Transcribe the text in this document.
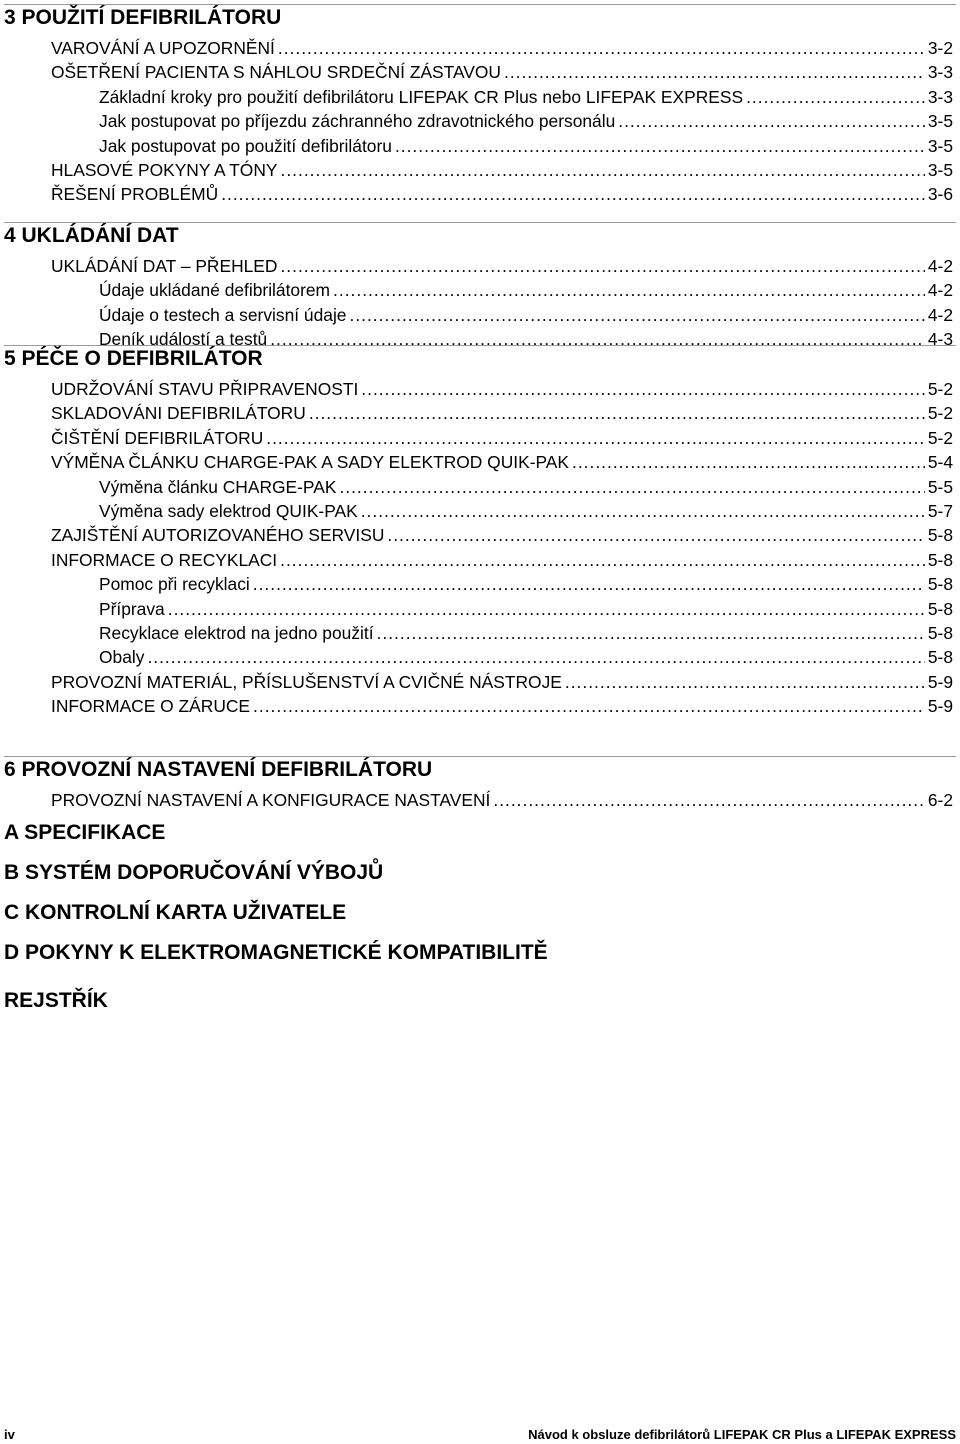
3 POUŽITÍ DEFIBRILÁTORU
VAROVÁNÍ A UPOZORNĚNÍ .....	3-2
OŠETŘENÍ PACIENTA S NÁHLOU SRDEČNÍ ZÁSTAVOU .....	3-3
Základní kroky pro použití defibrilátoru LIFEPAK CR Plus nebo LIFEPAK EXPRESS .....	3-3
Jak postupovat po příjezdu záchranného zdravotnického personálu .....	3-5
Jak postupovat po použití defibrilátoru .....	3-5
HLASOVÉ POKYNY A TÓNY .....	3-5
ŘEŠENÍ PROBLÉMŮ .....	3-6
4 UKLÁDÁNÍ DAT
UKLÁDÁNÍ DAT – PŘEHLED .....	4-2
Údaje ukládané defibrilátorem .....	4-2
Údaje o testech a servisní údaje .....	4-2
Deník událostí a testů .....	4-3
5 PÉČE O DEFIBRILÁTOR
UDRŽOVÁNÍ STAVU PŘIPRAVENOSTI .....	5-2
SKLADOVÁNI DEFIBRILÁTORU .....	5-2
ČIŠTĚNÍ DEFIBRILÁTORU .....	5-2
VÝMĚNA ČLÁNKU CHARGE-PAK A SADY ELEKTROD QUIK-PAK .....	5-4
Výměna článku CHARGE-PAK .....	5-5
Výměna sady elektrod QUIK-PAK .....	5-7
ZAJIŠTĚNÍ AUTORIZOVANÉHO SERVISU .....	5-8
INFORMACE O RECYKLACI .....	5-8
Pomoc při recyklaci .....	5-8
Příprava .....	5-8
Recyklace elektrod na jedno použití .....	5-8
Obaly .....	5-8
PROVOZNÍ MATERIÁL, PŘÍSLUŠENSTVÍ A CVIČNÉ NÁSTROJE .....	5-9
INFORMACE O ZÁRUCE .....	5-9
6 PROVOZNÍ NASTAVENÍ DEFIBRILÁTORU
PROVOZNÍ NASTAVENÍ A KONFIGURACE NASTAVENÍ .....	6-2
A SPECIFIKACE
B SYSTÉM DOPORUČOVÁNÍ VÝBOJŮ
C KONTROLNÍ KARTA UŽIVATELE
D POKYNY K ELEKTROMAGNETICKÉ KOMPATIBILITĚ
REJSTŘÍK
iv	Návod k obsluze defibrilátorů LIFEPAK CR Plus a LIFEPAK EXPRESS
